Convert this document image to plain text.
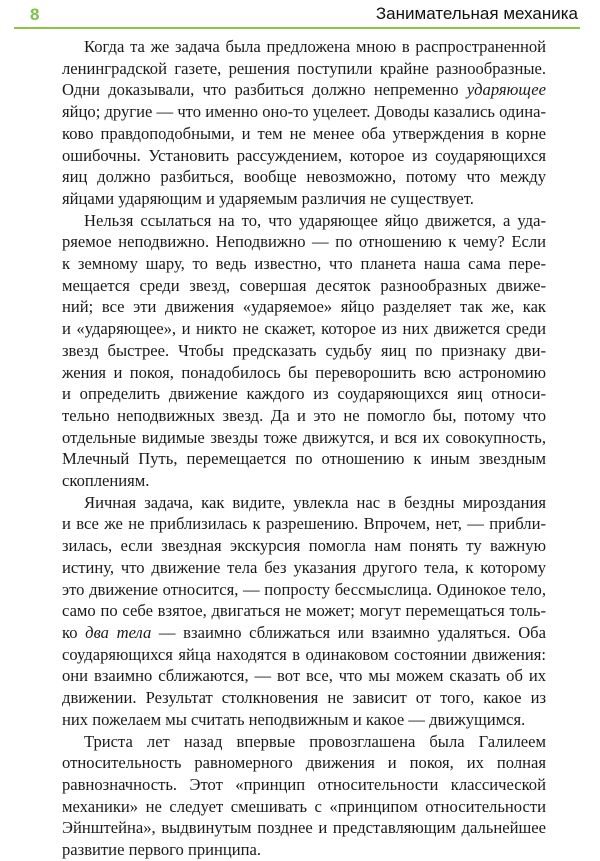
8	Занимательная механика

Когда та же задача была предложена мною в распространенной
ленинградской газете, решения поступили крайне разнообразные.
Одни доказывали, что разбиться должно непременно ударяющее
яйцо; другие — что именно оно-то уцелеет. Доводы казались одина-
ково правдоподобными, и тем не менее оба утверждения в корне
ошибочны. Установить рассуждением, которое из соударяющихся
яиц должно разбиться, вообще невозможно, потому что между
яйцами ударяющим и ударяемым различия не существует.

Нельзя ссылаться на то, что ударяющее яйцо движется, а уда-
ряемое неподвижно. Неподвижно — по отношению к чему? Если
к земному шару, то ведь известно, что планета наша сама пере-
мещается среди звезд, совершая десяток разнообразных движе-
ний; все эти движения «ударяемое» яйцо разделяет так же, как
и «ударяющее», и никто не скажет, которое из них движется среди
звезд быстрее. Чтобы предсказать судьбу яиц по признаку дви-
жения и покоя, понадобилось бы переворошить всю астрономию
и определить движение каждого из соударяющихся яиц относи-
тельно неподвижных звезд. Да и это не помогло бы, потому что
отдельные видимые звезды тоже движутся, и вся их совокупность,
Млечный Путь, перемещается по отношению к иным звездным
скоплениям.

Яичная задача, как видите, увлекла нас в бездны мироздания
и все же не приблизилась к разрешению. Впрочем, нет, — прибли-
зилась, если звездная экскурсия помогла нам понять ту важную
истину, что движение тела без указания другого тела, к которому
это движение относится, — попросту бессмыслица. Одинокое тело,
само по себе взятое, двигаться не может; могут перемещаться толь-
ко два тела — взаимно сближаться или взаимно удаляться. Оба
соударяющихся яйца находятся в одинаковом состоянии движения:
они взаимно сближаются, — вот все, что мы можем сказать об их
движении. Результат столкновения не зависит от того, какое из
них пожелаем мы считать неподвижным и какое — движущимся.

Триста лет назад впервые провозглашена была Галилеем
относительность равномерного движения и покоя, их полная
равнозначность. Этот «принцип относительности классической
механики» не следует смешивать с «принципом относительности
Эйнштейна», выдвинутым позднее и представляющим дальнейшее
развитие первого принципа.
